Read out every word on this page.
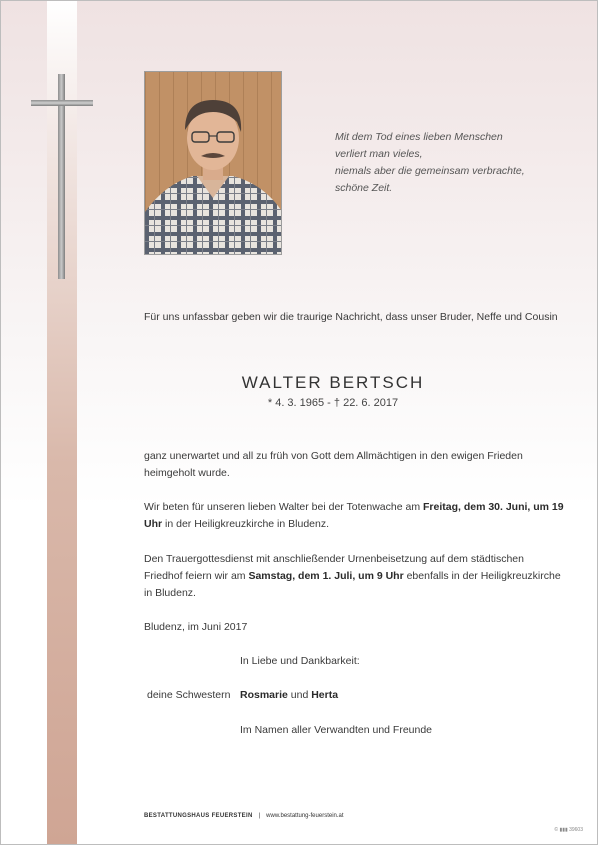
Mit dem Tod eines lieben Menschen
verliert man vieles,
niemals aber die gemeinsam verbrachte,
schöne Zeit.
Für uns unfassbar geben wir die traurige Nachricht, dass unser Bruder, Neffe und Cousin
WALTER BERTSCH
* 4. 3. 1965 - † 22. 6. 2017
ganz unerwartet und all zu früh von Gott dem Allmächtigen in den ewigen Frieden heimgeholt wurde.
Wir beten für unseren lieben Walter bei der Totenwache am Freitag, dem 30. Juni, um 19 Uhr in der Heiligkreuzkirche in Bludenz.
Den Trauergottesdienst mit anschließender Urnenbeisetzung auf dem städtischen Friedhof feiern wir am Samstag, dem 1. Juli, um 9 Uhr ebenfalls in der Heiligkreuzkirche in Bludenz.
Bludenz, im Juni 2017
In Liebe und Dankbarkeit:
deine Schwestern Rosmarie und Herta
Im Namen aller Verwandten und Freunde
BESTATTUNGSHAUS FEUERSTEIN | www.bestattung-feuerstein.at
© ▮▮▮ 39603
